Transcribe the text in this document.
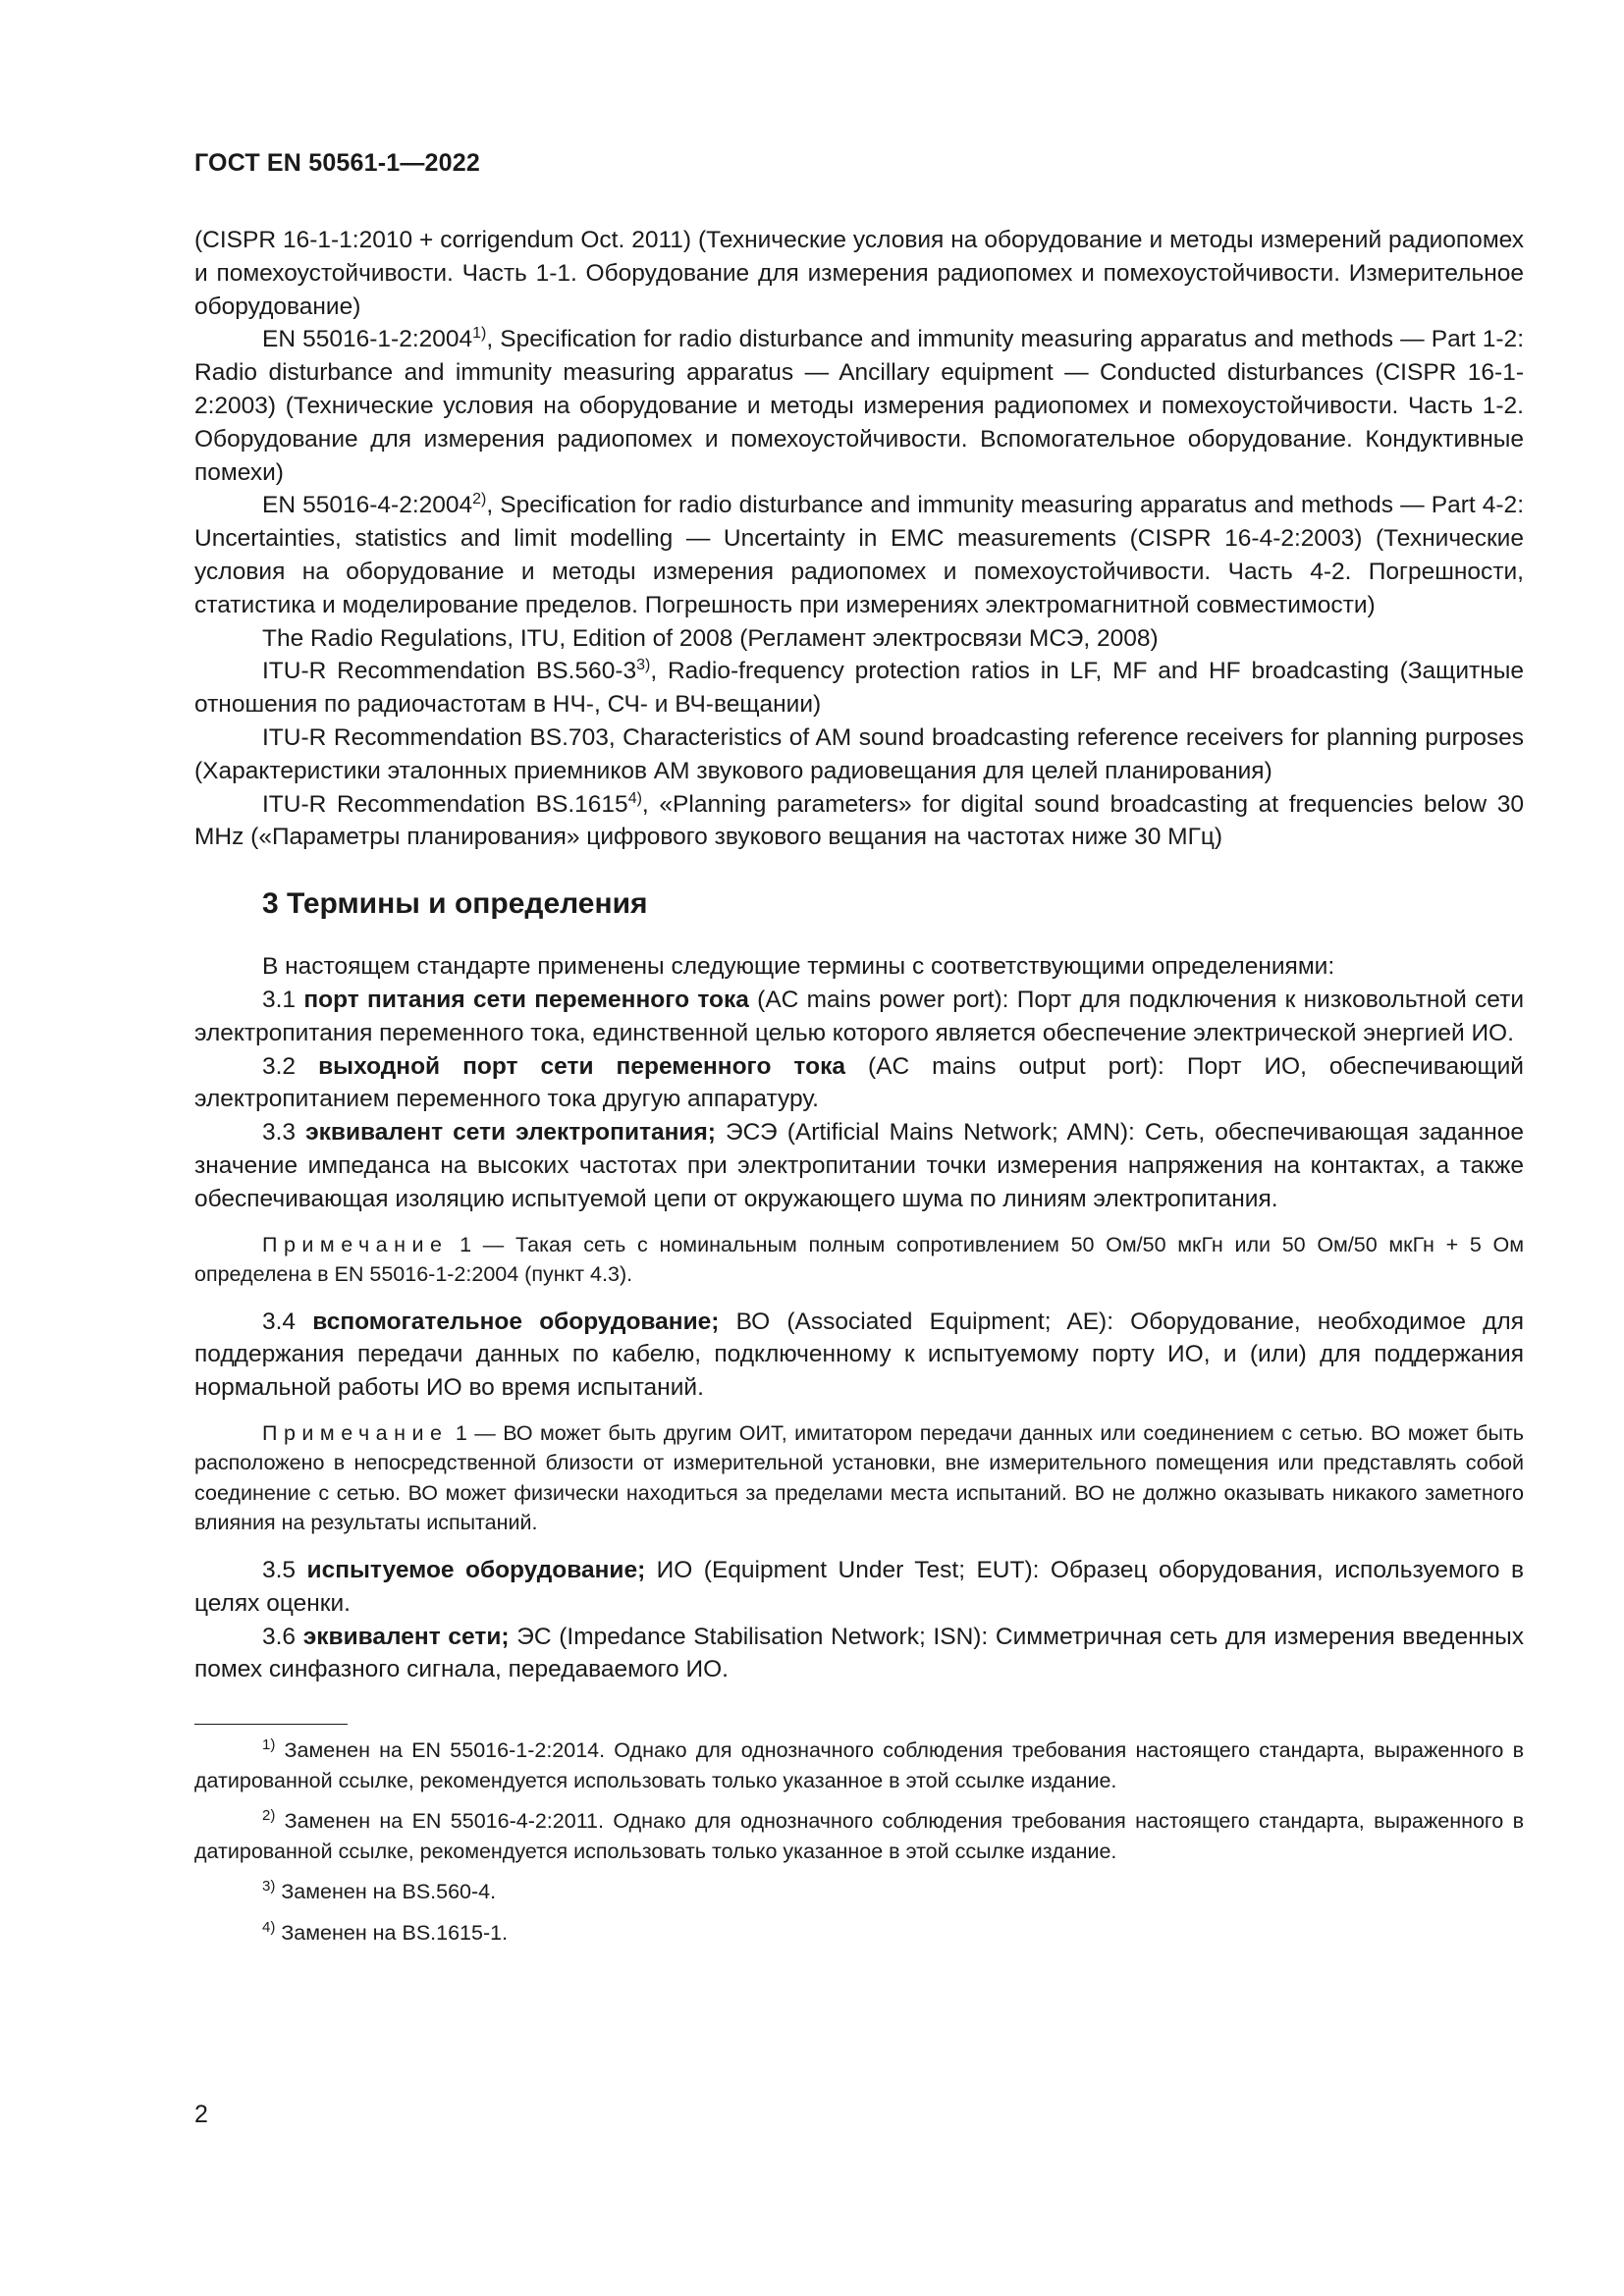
ГОСТ EN 50561-1—2022

(CISPR 16-1-1:2010 + corrigendum Oct. 2011) (Технические условия на оборудование и методы измерений радиопомех и помехоустойчивости. Часть 1-1. Оборудование для измерения радиопомех и помехоустойчивости. Измерительное оборудование)

EN 55016-1-2:2004$^{1)}$, Specification for radio disturbance and immunity measuring apparatus and methods — Part 1-2: Radio disturbance and immunity measuring apparatus — Ancillary equipment — Conducted disturbances (CISPR 16-1-2:2003) (Технические условия на оборудование и методы измерения радиопомех и помехоустойчивости. Часть 1-2. Оборудование для измерения радиопомех и помехоустойчивости. Вспомогательное оборудование. Кондуктивные помехи)

EN 55016-4-2:2004$^{2)}$, Specification for radio disturbance and immunity measuring apparatus and methods — Part 4-2: Uncertainties, statistics and limit modelling — Uncertainty in EMC measurements (CISPR 16-4-2:2003) (Технические условия на оборудование и методы измерения радиопомех и помехоустойчивости. Часть 4-2. Погрешности, статистика и моделирование пределов. Погрешность при измерениях электромагнитной совместимости)

The Radio Regulations, ITU, Edition of 2008 (Регламент электросвязи МСЭ, 2008)

ITU-R Recommendation BS.560-3$^{3)}$, Radio-frequency protection ratios in LF, MF and HF broadcasting (Защитные отношения по радиочастотам в НЧ-, СЧ- и ВЧ-вещании)

ITU-R Recommendation BS.703, Characteristics of AM sound broadcasting reference receivers for planning purposes (Характеристики эталонных приемников АМ звукового радиовещания для целей планирования)

ITU-R Recommendation BS.1615$^{4)}$, «Planning parameters» for digital sound broadcasting at frequencies below 30 MHz («Параметры планирования» цифрового звукового вещания на частотах ниже 30 МГц)

3 Термины и определения

В настоящем стандарте применены следующие термины с соответствующими определениями:

3.1 порт питания сети переменного тока (AC mains power port): Порт для подключения к низковольтной сети электропитания переменного тока, единственной целью которого является обеспечение электрической энергией ИО.

3.2 выходной порт сети переменного тока (AC mains output port): Порт ИО, обеспечивающий электропитанием переменного тока другую аппаратуру.

3.3 эквивалент сети электропитания; ЭСЭ (Artificial Mains Network; AMN): Сеть, обеспечивающая заданное значение импеданса на высоких частотах при электропитании точки измерения напряжения на контактах, а также обеспечивающая изоляцию испытуемой цепи от окружающего шума по линиям электропитания.

Примечание 1 — Такая сеть с номинальным полным сопротивлением 50 Ом/50 мкГн или 50 Ом/50 мкГн + 5 Ом определена в EN 55016-1-2:2004 (пункт 4.3).

3.4 вспомогательное оборудование; ВО (Associated Equipment; AE): Оборудование, необходимое для поддержания передачи данных по кабелю, подключенному к испытуемому порту ИО, и (или) для поддержания нормальной работы ИО во время испытаний.

Примечание 1 — ВО может быть другим ОИТ, имитатором передачи данных или соединением с сетью. ВО может быть расположено в непосредственной близости от измерительной установки, вне измерительного помещения или представлять собой соединение с сетью. ВО может физически находиться за пределами места испытаний. ВО не должно оказывать никакого заметного влияния на результаты испытаний.

3.5 испытуемое оборудование; ИО (Equipment Under Test; EUT): Образец оборудования, используемого в целях оценки.

3.6 эквивалент сети; ЭС (Impedance Stabilisation Network; ISN): Симметричная сеть для измерения введенных помех синфазного сигнала, передаваемого ИО.

$^{1)}$ Заменен на EN 55016-1-2:2014. Однако для однозначного соблюдения требования настоящего стандарта, выраженного в датированной ссылке, рекомендуется использовать только указанное в этой ссылке издание.
$^{2)}$ Заменен на EN 55016-4-2:2011. Однако для однозначного соблюдения требования настоящего стандарта, выраженного в датированной ссылке, рекомендуется использовать только указанное в этой ссылке издание.
$^{3)}$ Заменен на BS.560-4.
$^{4)}$ Заменен на BS.1615-1.
2
